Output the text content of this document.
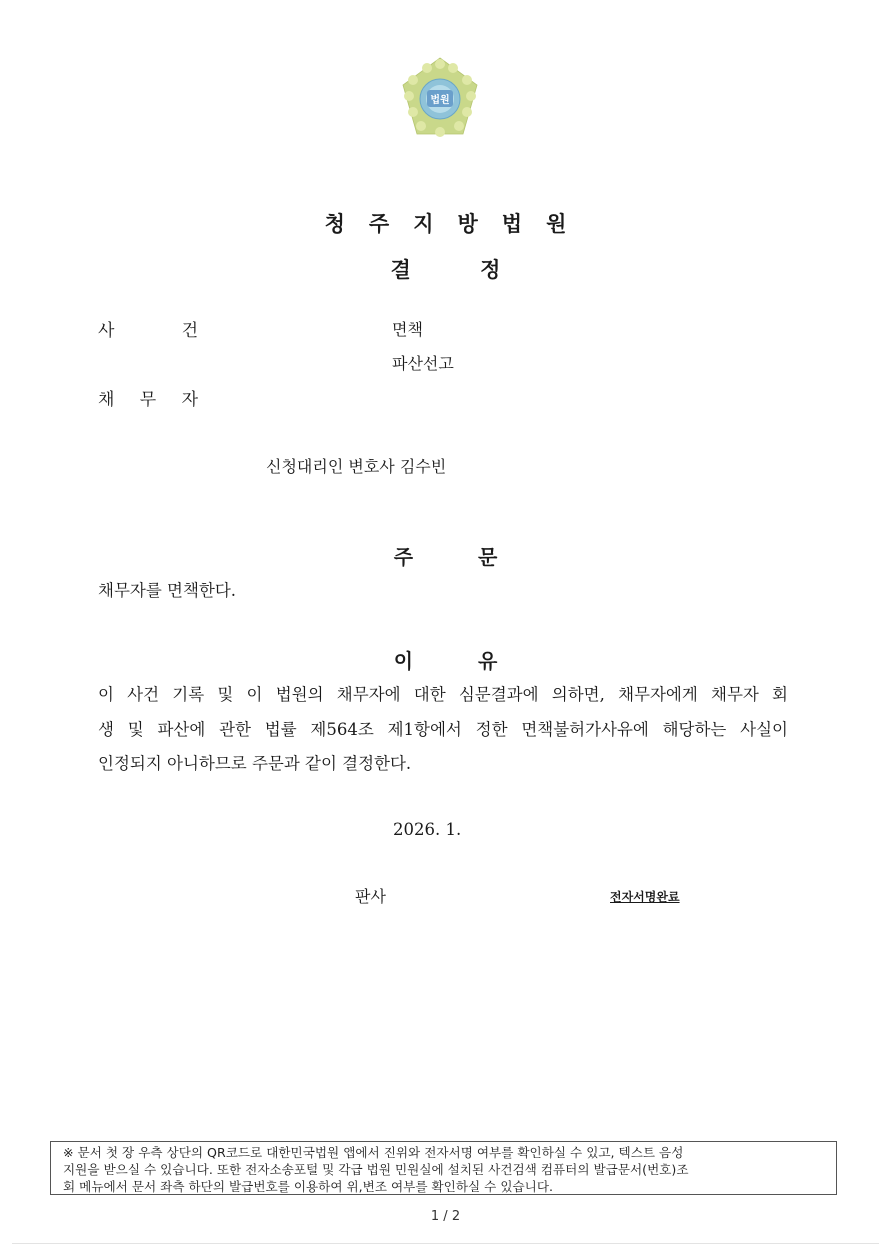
법원
청주지방법원
결 정
사	건	면책
파산선고
채 무 자
신청대리인 변호사 김수빈
주 문
채무자를 면책한다.
이 유
이 사건 기록 및 이 법원의 채무자에 대한 심문결과에 의하면, 채무자에게 채무자 회
생 및 파산에 관한 법률 제564조 제1항에서 정한 면책불허가사유에 해당하는 사실이
인정되지 아니하므로 주문과 같이 결정한다.
2026. 1.
판사	전자서명완료
※ 문서 첫 장 우측 상단의 QR코드로 대한민국법원 앱에서 진위와 전자서명 여부를 확인하실 수 있고, 텍스트 음성
지원을 받으실 수 있습니다. 또한 전자소송포털 및 각급 법원 민원실에 설치된 사건검색 컴퓨터의 발급문서(번호)조
회 메뉴에서 문서 좌측 하단의 발급번호를 이용하여 위,변조 여부를 확인하실 수 있습니다.
1 / 2
